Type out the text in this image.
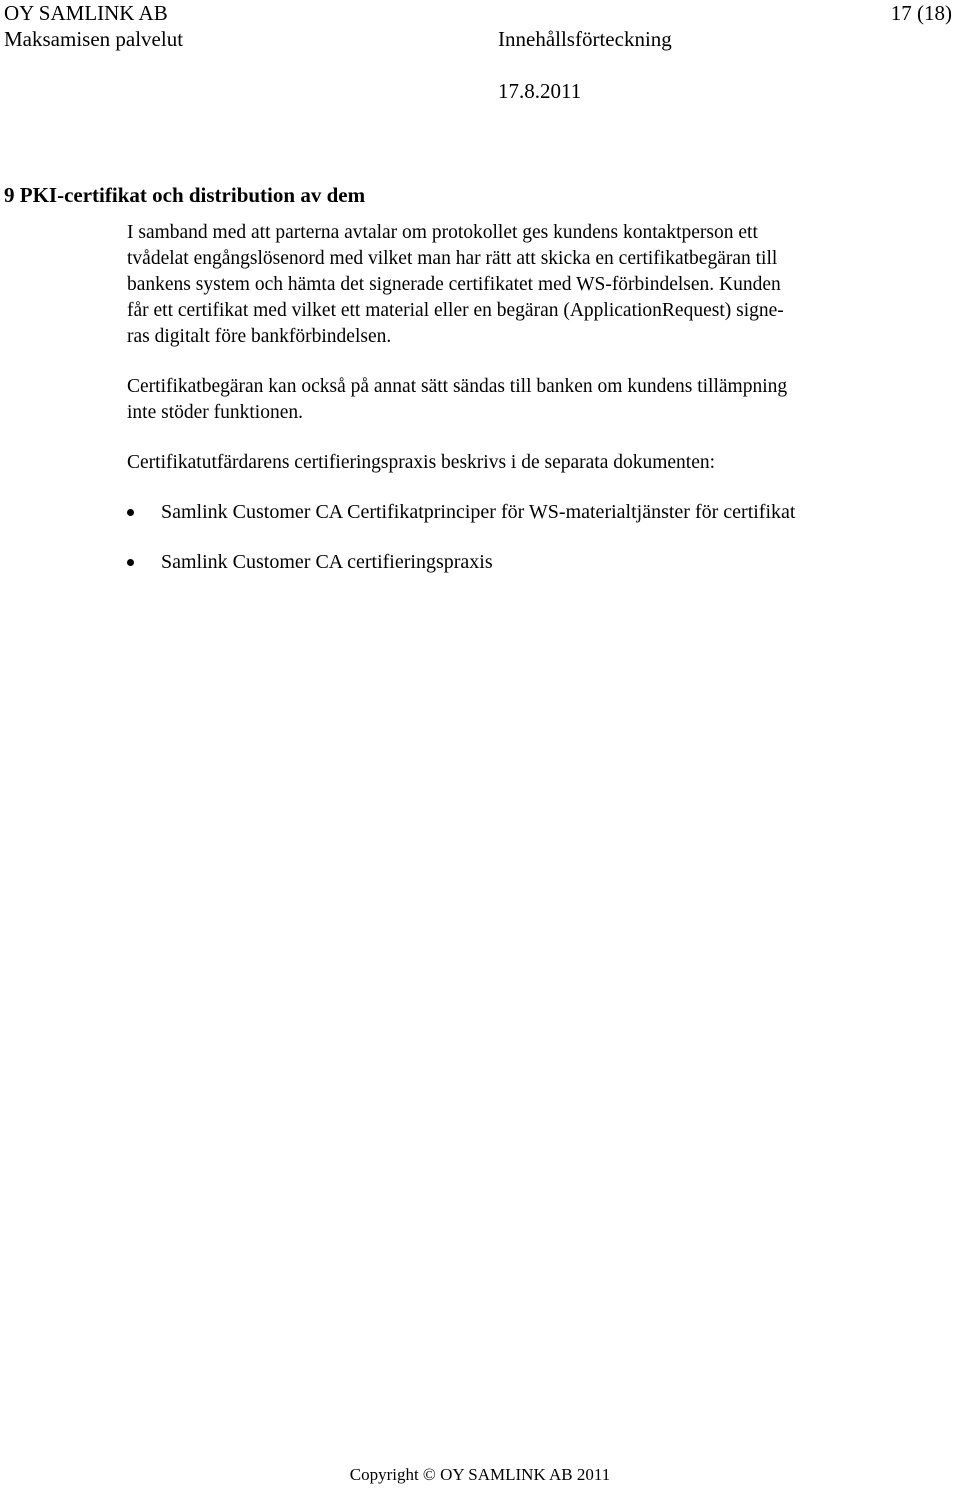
OY SAMLINK AB	17 (18)
Maksamisen palvelut	Innehållsförteckning
17.8.2011
9 PKI-certifikat och distribution av dem
I samband med att parterna avtalar om protokollet ges kundens kontaktperson ett
tvådelat engångslösenord med vilket man har rätt att skicka en certifikatbegäran till
bankens system och hämta det signerade certifikatet med WS-förbindelsen. Kunden
får ett certifikat med vilket ett material eller en begäran (ApplicationRequest) signe-
ras digitalt före bankförbindelsen.
Certifikatbegäran kan också på annat sätt sändas till banken om kundens tillämpning
inte stöder funktionen.
Certifikatutfärdarens certifieringspraxis beskrivs i de separata dokumenten:
Samlink Customer CA Certifikatprinciper för WS-materialtjänster för certifikat
Samlink Customer CA certifieringspraxis
Copyright © OY SAMLINK AB 2011
